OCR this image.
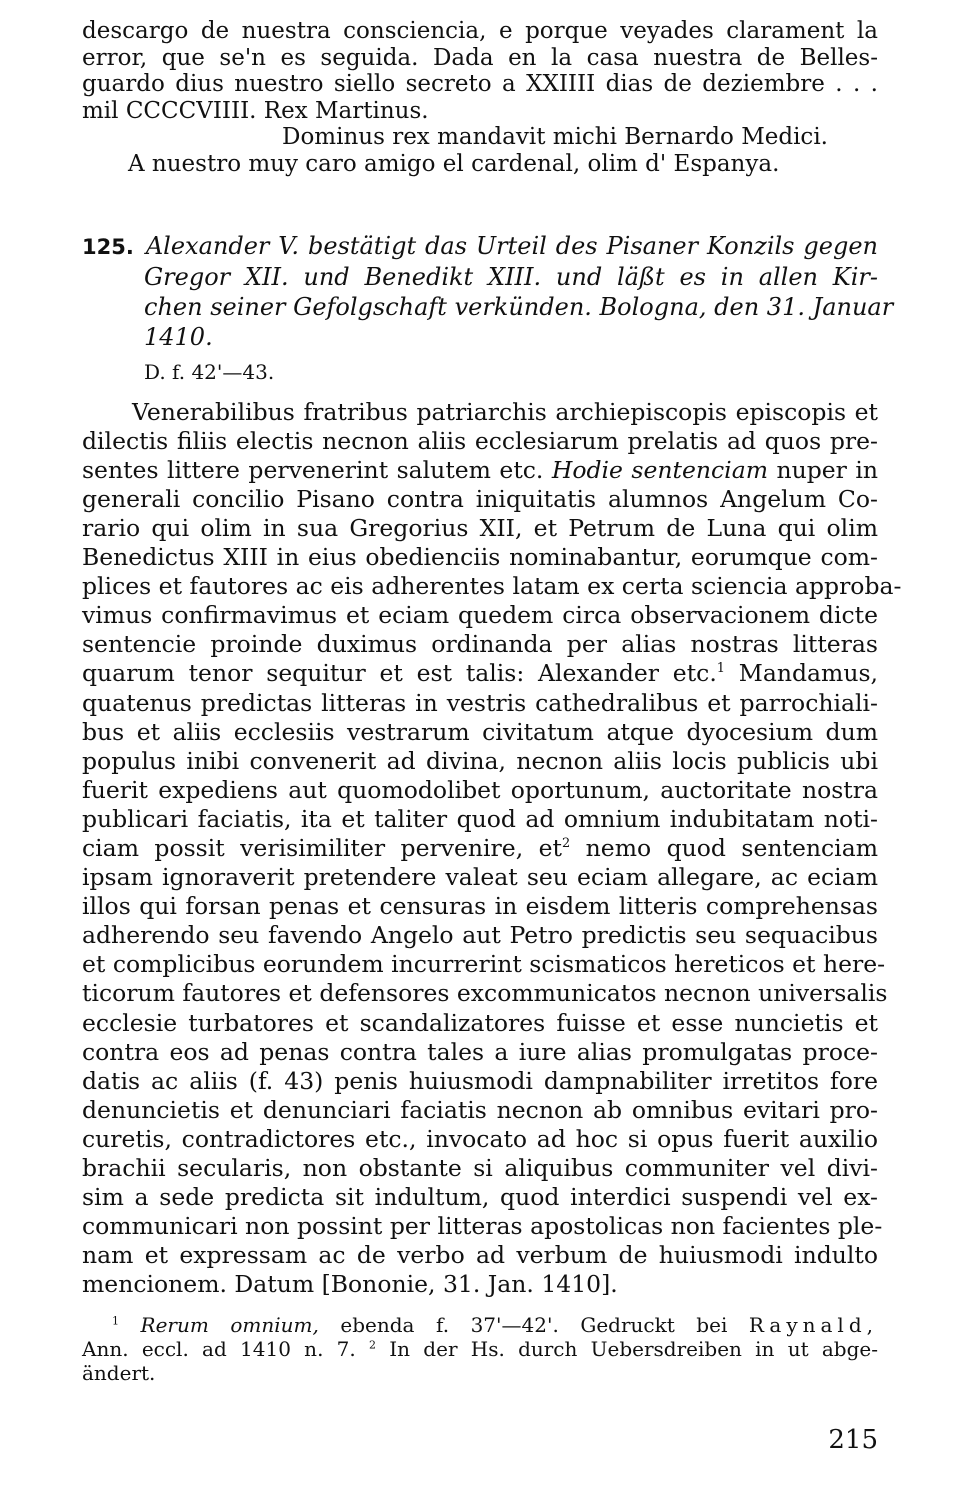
descargo de nuestra consciencia, e porque veyades clarament la
error, que se'n es seguida. Dada en la casa nuestra de Belles-
guardo dius nuestro siello secreto a XXIIII dias de deziembre . . .
mil CCCCVIIII. Rex Martinus.
Dominus rex mandavit michi Bernardo Medici.
A nuestro muy caro amigo el cardenal, olim d' Espanya.
125. Alexander V. bestätigt das Urteil des Pisaner Konzils gegen
Gregor XII. und Benedikt XIII. und läßt es in allen Kir-
chen seiner Gefolgschaft verkünden. Bologna, den 31. Januar
1410.
D. f. 42'—43.
Venerabilibus fratribus patriarchis archiepiscopis episcopis et
dilectis filiis electis necnon aliis ecclesiarum prelatis ad quos pre-
sentes littere pervenerint salutem etc. Hodie sentenciam nuper in
generali concilio Pisano contra iniquitatis alumnos Angelum Co-
rario qui olim in sua Gregorius XII, et Petrum de Luna qui olim
Benedictus XIII in eius obedienciis nominabantur, eorumque com-
plices et fautores ac eis adherentes latam ex certa sciencia approba-
vimus confirmavimus et eciam quedem circa observacionem dicte
sentencie proinde duximus ordinanda per alias nostras litteras
quarum tenor sequitur et est talis: Alexander etc.$^1$ Mandamus,
quatenus predictas litteras in vestris cathedralibus et parrochiali-
bus et aliis ecclesiis vestrarum civitatum atque dyocesium dum
populus inibi convenerit ad divina, necnon aliis locis publicis ubi
fuerit expediens aut quomodolibet oportunum, auctoritate nostra
publicari faciatis, ita et taliter quod ad omnium indubitatam noti-
ciam possit verisimiliter pervenire, $et^2$ nemo quod sentenciam
ipsam ignoraverit pretendere valeat seu eciam allegare, ac eciam
illos qui forsan penas et censuras in eisdem litteris comprehensas
adherendo seu favendo Angelo aut Petro predictis seu sequacibus
et complicibus eorundem incurrerint scismaticos hereticos et here-
ticorum fautores et defensores excommunicatos necnon universalis
ecclesie turbatores et scandalizatores fuisse et esse nuncietis et
contra eos ad penas contra tales a iure alias promulgatas proce-
datis ac aliis (f. 43) penis huiusmodi dampnabiliter irretitos fore
denuncietis et denunciari faciatis necnon ab omnibus evitari pro-
curetis, contradictores etc., invocato ad hoc si opus fuerit auxilio
brachii secularis, non obstante si aliquibus communiter vel divi-
sim a sede predicta sit indultum, quod interdici suspendi vel ex-
communicari non possint per litteras apostolicas non facientes ple-
nam et expressam ac de verbo ad verbum de huiusmodi indulto
mencionem. Datum [Bononie, 31. Jan. 1410].
$^1$ Rerum omnium, ebenda f. 37'—42'. Gedruckt bei Raynald,
Ann. eccl. ad 1410 n. 7. $^2$ In der Hs. durch Uebersdreiben in ut abge-
ändert.
215
